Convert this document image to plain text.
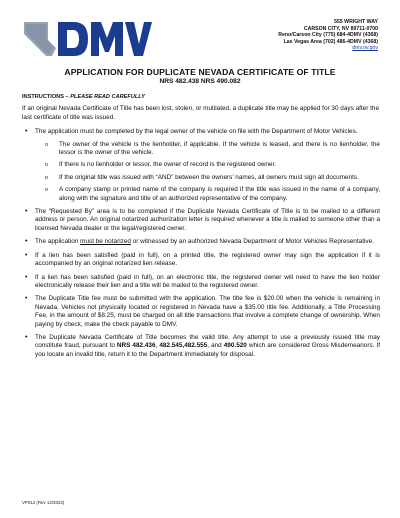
DMV
555 WRIGHT WAY
CARSON CITY, NV 89711-0700
Reno/Carson City (775) 684-4DMV (4368)
Las Vegas Area (702) 486-4DMV (4368)
dmv.nv.gov
APPLICATION FOR DUPLICATE NEVADA CERTIFICATE OF TITLE
NRS 482.438 NRS 490.082
INSTRUCTIONS – PLEASE READ CAREFULLY

If an original Nevada Certificate of Title has been lost, stolen, or mutilated, a duplicate title may be applied for 30 days after the last certificate of title was issued.

• The application must be completed by the legal owner of the vehicle on file with the Department of Motor Vehicles.
o The owner of the vehicle is the lienholder, if applicable. If the vehicle is leased, and there is no lienholder, the lessor is the owner of the vehicle.
o If there is no lienholder or lessor, the owner of record is the registered owner.
o If the original title was issued with “AND” between the owners’ names, all owners must sign all documents.
o A company stamp or printed name of the company is required if the title was issued in the name of a company, along with the signature and title of an authorized representative of the company.
• The “Requested By” area is to be completed if the Duplicate Nevada Certificate of Title is to be mailed to a different address or person. An original notarized authorization letter is required whenever a title is mailed to someone other than a licensed Nevada dealer or the legal/registered owner.
• The application must be notarized or witnessed by an authorized Nevada Department of Motor Vehicles Representative.
• If a lien has been satisfied (paid in full), on a printed title, the registered owner may sign the application if it is accompanied by an original notarized lien release.
• If a lien has been satisfied (paid in full), on an electronic title, the registered owner will need to have the lien holder electronically release their lien and a title will be mailed to the registered owner.
• The Duplicate Title fee must be submitted with the application. The title fee is $20.00 when the vehicle is remaining in Nevada. Vehicles not physically located or registered in Nevada have a $35.00 title fee. Additionally, a Title Processing Fee, in the amount of $8.25, must be charged on all title transactions that involve a complete change of ownership. When paying by check, make the check payable to DMV.
• The Duplicate Nevada Certificate of Title becomes the valid title. Any attempt to use a previously issued title may constitute fraud, pursuant to NRS 482.436, 482.545,482.555, and 490.520 which are considered Gross Misdemeanors. If you locate an invalid title, return it to the Department immediately for disposal.
VP012 (Rev 12/2023)
